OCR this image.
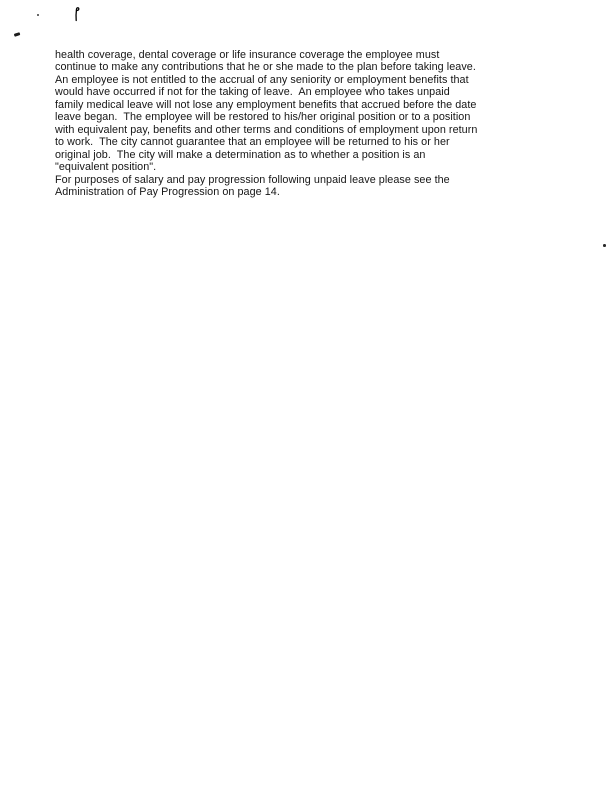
health coverage, dental coverage or life insurance coverage the employee must
continue to make any contributions that he or she made to the plan before taking leave.

An employee is not entitled to the accrual of any seniority or employment benefits that
would have occurred if not for the taking of leave.  An employee who takes unpaid
family medical leave will not lose any employment benefits that accrued before the date
leave began.  The employee will be restored to his/her original position or to a position
with equivalent pay, benefits and other terms and conditions of employment upon return
to work.  The city cannot guarantee that an employee will be returned to his or her
original job.  The city will make a determination as to whether a position is an
"equivalent position".

For purposes of salary and pay progression following unpaid leave please see the
Administration of Pay Progression on page 14.
